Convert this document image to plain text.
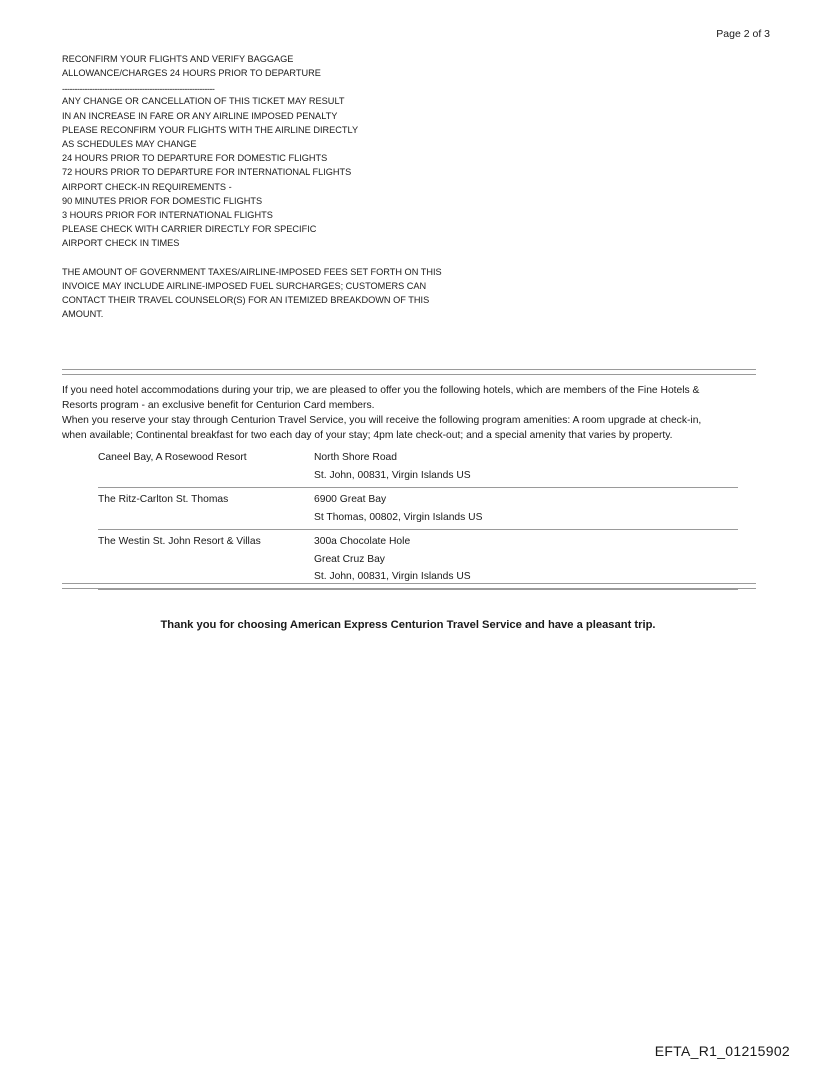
Page 2 of 3
RECONFIRM YOUR FLIGHTS AND VERIFY BAGGAGE
ALLOWANCE/CHARGES 24 HOURS PRIOR TO DEPARTURE
-------------------------------------------------------------
ANY CHANGE OR CANCELLATION OF THIS TICKET MAY RESULT
IN AN INCREASE IN FARE OR ANY AIRLINE IMPOSED PENALTY
PLEASE RECONFIRM YOUR FLIGHTS WITH THE AIRLINE DIRECTLY
AS SCHEDULES MAY CHANGE
24 HOURS PRIOR TO DEPARTURE FOR DOMESTIC FLIGHTS
72 HOURS PRIOR TO DEPARTURE FOR INTERNATIONAL FLIGHTS
AIRPORT CHECK-IN REQUIREMENTS -
90 MINUTES PRIOR FOR DOMESTIC FLIGHTS
3 HOURS PRIOR FOR INTERNATIONAL FLIGHTS
PLEASE CHECK WITH CARRIER DIRECTLY FOR SPECIFIC
AIRPORT CHECK IN TIMES
THE AMOUNT OF GOVERNMENT TAXES/AIRLINE-IMPOSED FEES SET FORTH ON THIS
INVOICE MAY INCLUDE AIRLINE-IMPOSED FUEL SURCHARGES; CUSTOMERS CAN
CONTACT THEIR TRAVEL COUNSELOR(S) FOR AN ITEMIZED BREAKDOWN OF THIS
AMOUNT.
If you need hotel accommodations during your trip, we are pleased to offer you the following hotels, which are members of the Fine Hotels &
Resorts program - an exclusive benefit for Centurion Card members.
When you reserve your stay through Centurion Travel Service, you will receive the following program amenities: A room upgrade at check-in,
when available; Continental breakfast for two each day of your stay; 4pm late check-out; and a special amenity that varies by property.
Caneel Bay, A Rosewood Resort	North Shore Road
St. John, 00831, Virgin Islands US

The Ritz-Carlton St. Thomas	6900 Great Bay
St Thomas, 00802, Virgin Islands US

The Westin St. John Resort & Villas	300a Chocolate Hole
Great Cruz Bay
St. John, 00831, Virgin Islands US
Thank you for choosing American Express Centurion Travel Service and have a pleasant trip.
EFTA_R1_01215902
